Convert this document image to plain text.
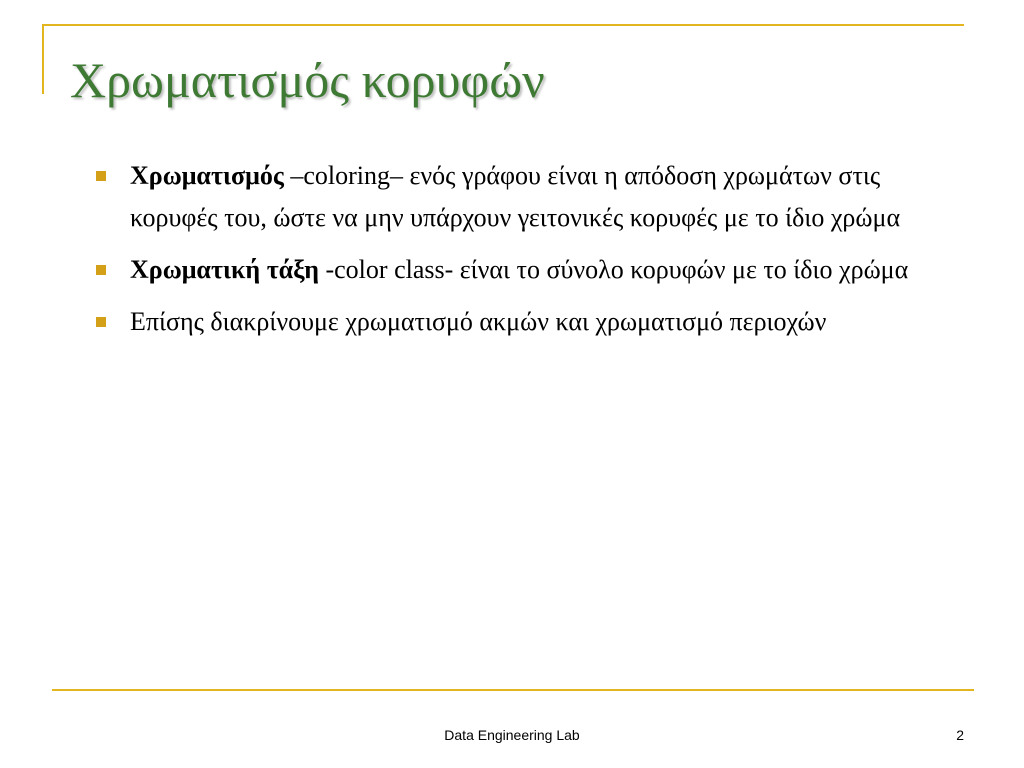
Χρωματισμός κορυφών
Χρωματισμός –coloring– ενός γράφου είναι η απόδοση χρωμάτων στις κορυφές του, ώστε να μην υπάρχουν γειτονικές κορυφές με το ίδιο χρώμα
Χρωματική τάξη -color class- είναι το σύνολο κορυφών με το ίδιο χρώμα
Επίσης διακρίνουμε χρωματισμό ακμών και χρωματισμό περιοχών
Data Engineering Lab	2
